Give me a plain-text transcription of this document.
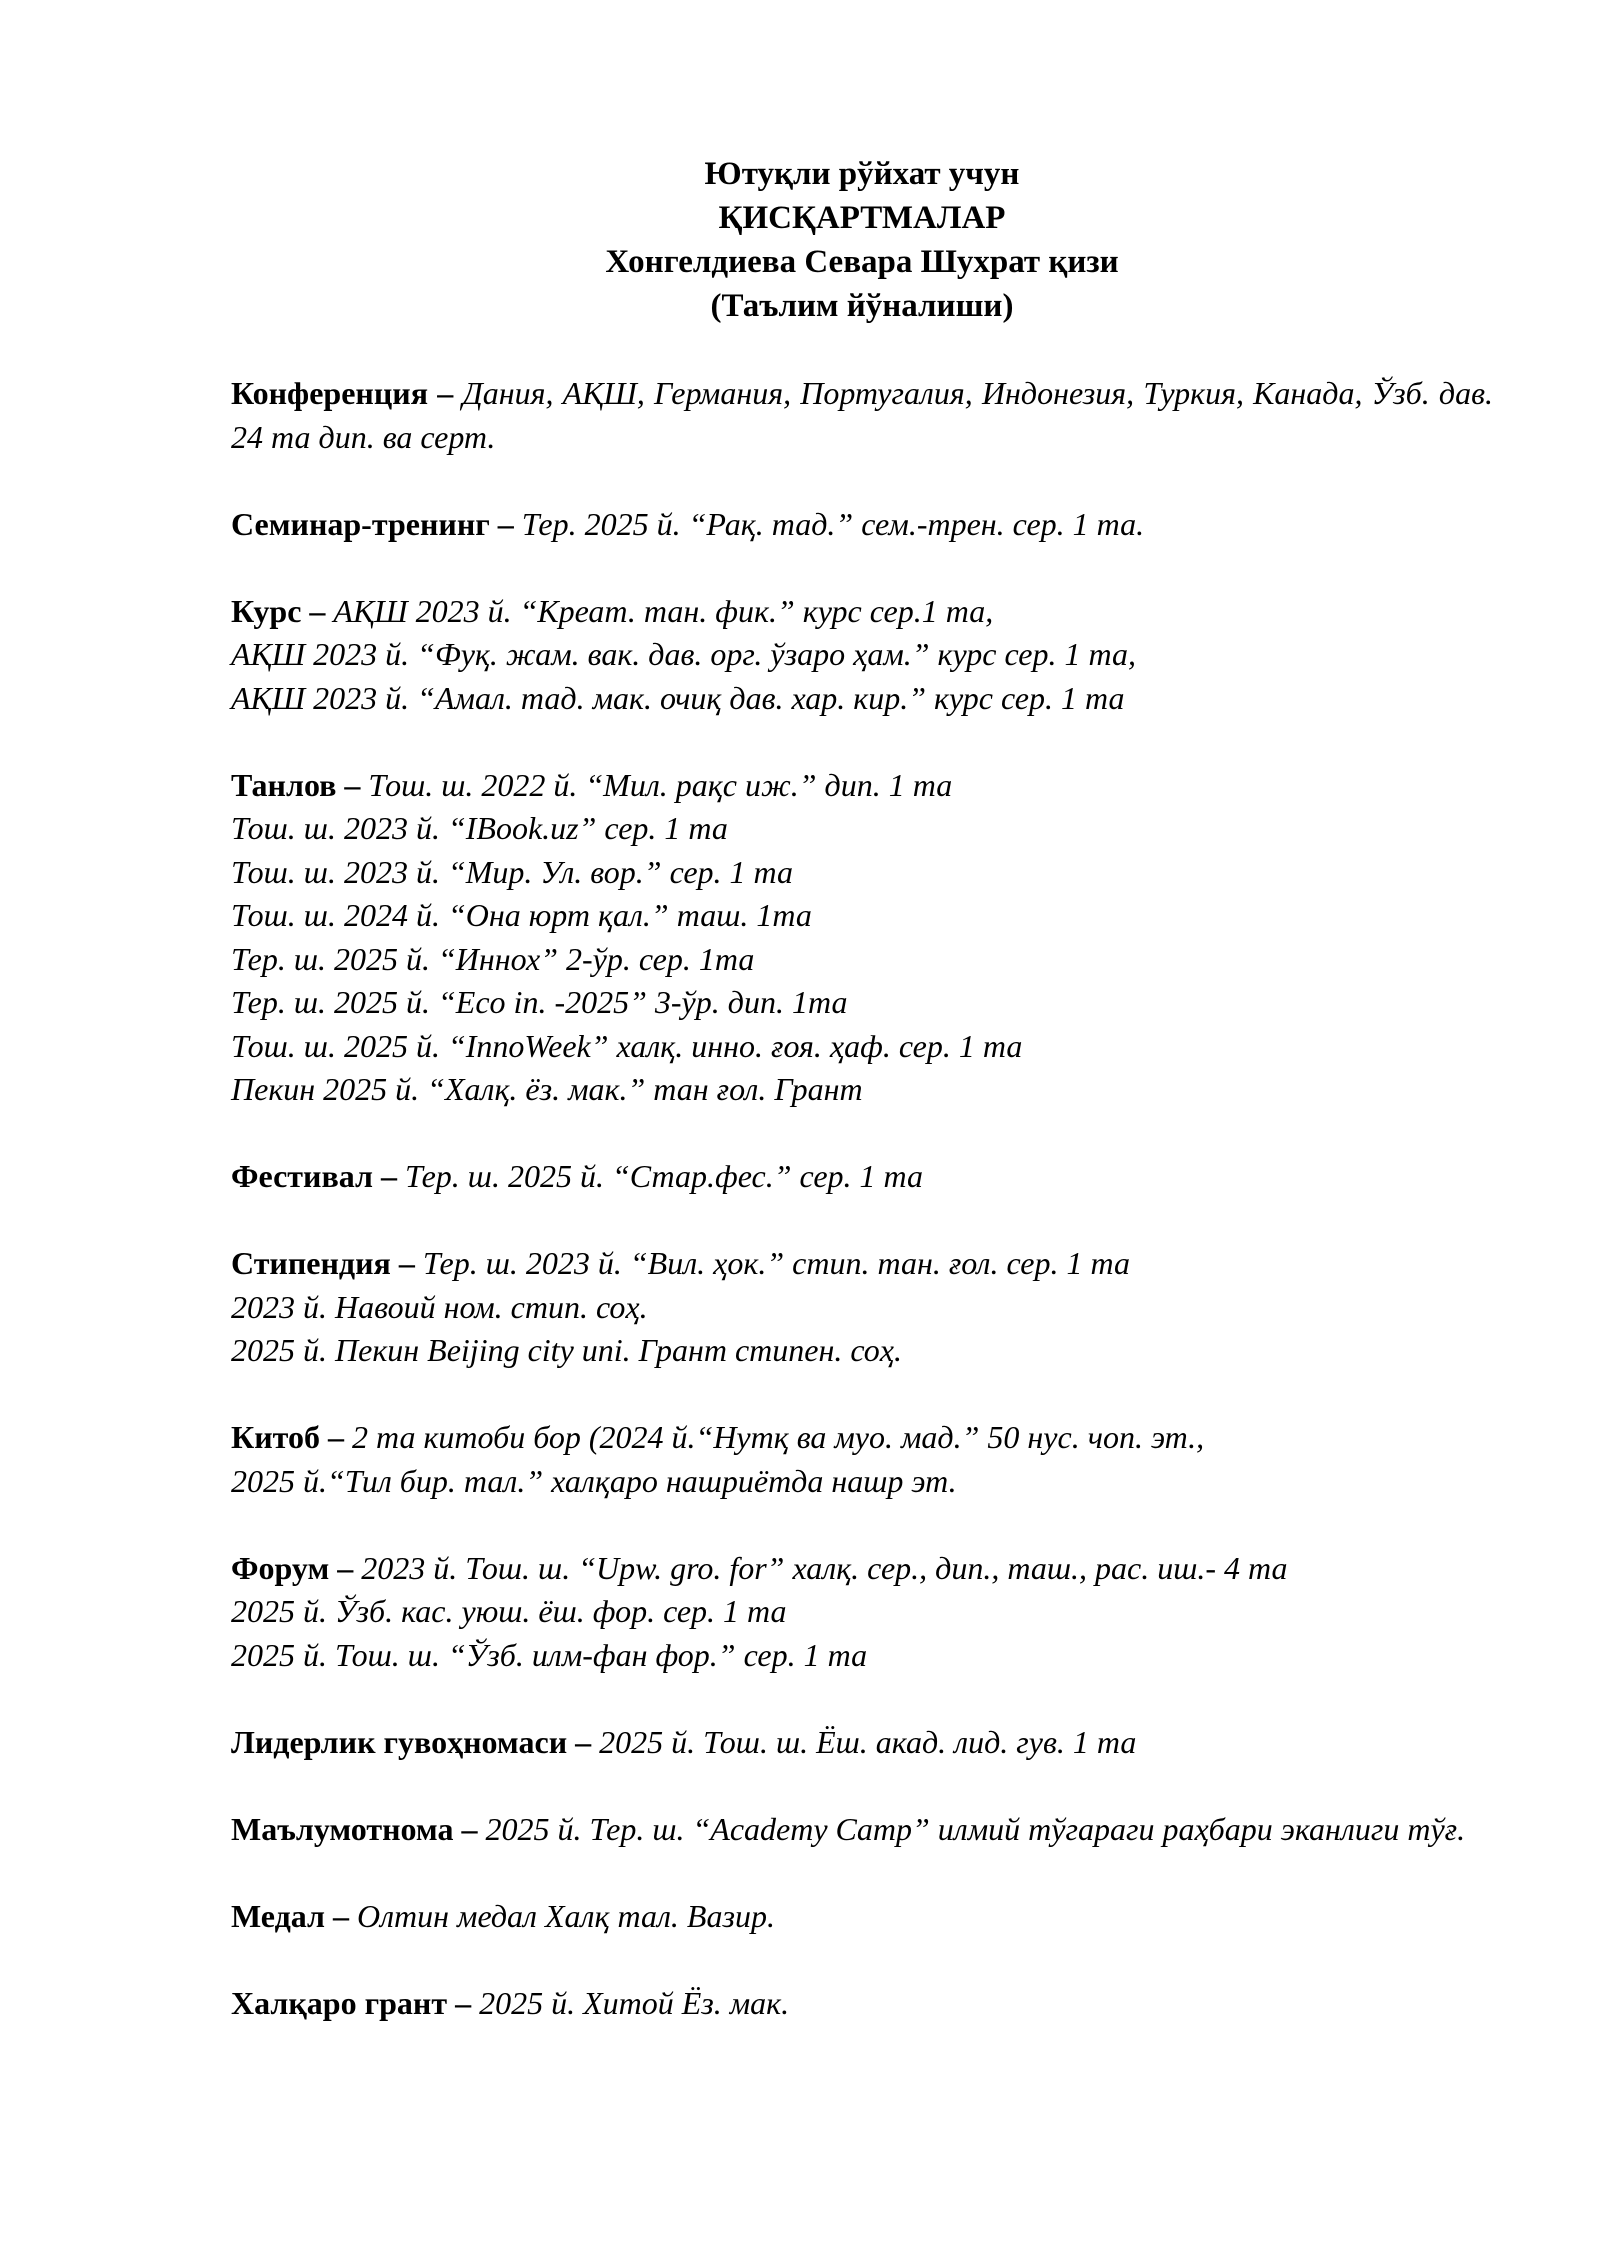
Ютуқли рўйхат учун
ҚИСҚАРТМАЛАР
Хонгелдиева Севара Шухрат қизи
(Таълим йўналиши)
Конференция – Дания, АҚШ, Германия, Португалия, Индонезия, Туркия, Канада, Ўзб. дав. 24 та дип. ва серт.
Семинар-тренинг – Тер. 2025 й. “Рақ. тад.” сем.-трен. сер. 1 та.
Курс – АҚШ 2023 й. “Креат. тан. фик.” курс сер.1 та,
АҚШ 2023 й. “Фуқ. жам. вак. дав. орг. ўзаро ҳам.” курс сер. 1 та,
АҚШ 2023 й. “Амал. тад. мак. очиқ дав. хар. кир.” курс сер. 1 та
Танлов – Тош. ш. 2022 й. “Мил. рақс иж.” дип. 1 та
Тош. ш. 2023 й. “IBook.uz” сер. 1 та
Тош. ш. 2023 й. “Мир. Ул. вор.” сер. 1 та
Тош. ш. 2024 й. “Она юрт қал.” таш. 1та
Тер. ш. 2025 й. “Иннох” 2-ўр. сер. 1та
Тер. ш. 2025 й. “Eco in. -2025” 3-ўр. дип. 1та
Тош. ш. 2025 й. “InnoWeek” халқ. инно. ғоя. ҳаф. сер. 1 та
Пекин 2025 й. “Халқ. ёз. мак.” тан ғол. Грант
Фестивал – Тер. ш. 2025 й. “Стар.фес.” сер. 1 та
Стипендия – Тер. ш. 2023 й. “Вил. ҳок.” стип. тан. ғол. сер. 1 та
2023 й. Навоий ном. стип. соҳ.
2025 й. Пекин Beijing city uni. Грант стипен. соҳ.
Китоб – 2 та китоби бор (2024 й.“Нутқ ва муо. мад.” 50 нус. чоп. эт.,
2025 й.“Тил бир. тал.” халқаро нашриётда нашр эт.
Форум – 2023 й. Тош. ш. “Upw. gro. for” халқ. сер., дип., таш., рас. иш.- 4 та
2025 й. Ўзб. кас. уюш. ёш. фор. сер. 1 та
2025 й. Тош. ш. “Ўзб. илм-фан фор.” сер. 1 та
Лидерлик гувоҳномаси – 2025 й. Тош. ш. Ёш. акад. лид. гув. 1 та
Маълумотнома – 2025 й. Тер. ш. “Academy Camp” илмий тўгараги раҳбари эканлиги тўғ.
Медал – Олтин медал Халқ тал. Вазир.
Халқаро грант – 2025 й. Хитой Ёз. мак.
